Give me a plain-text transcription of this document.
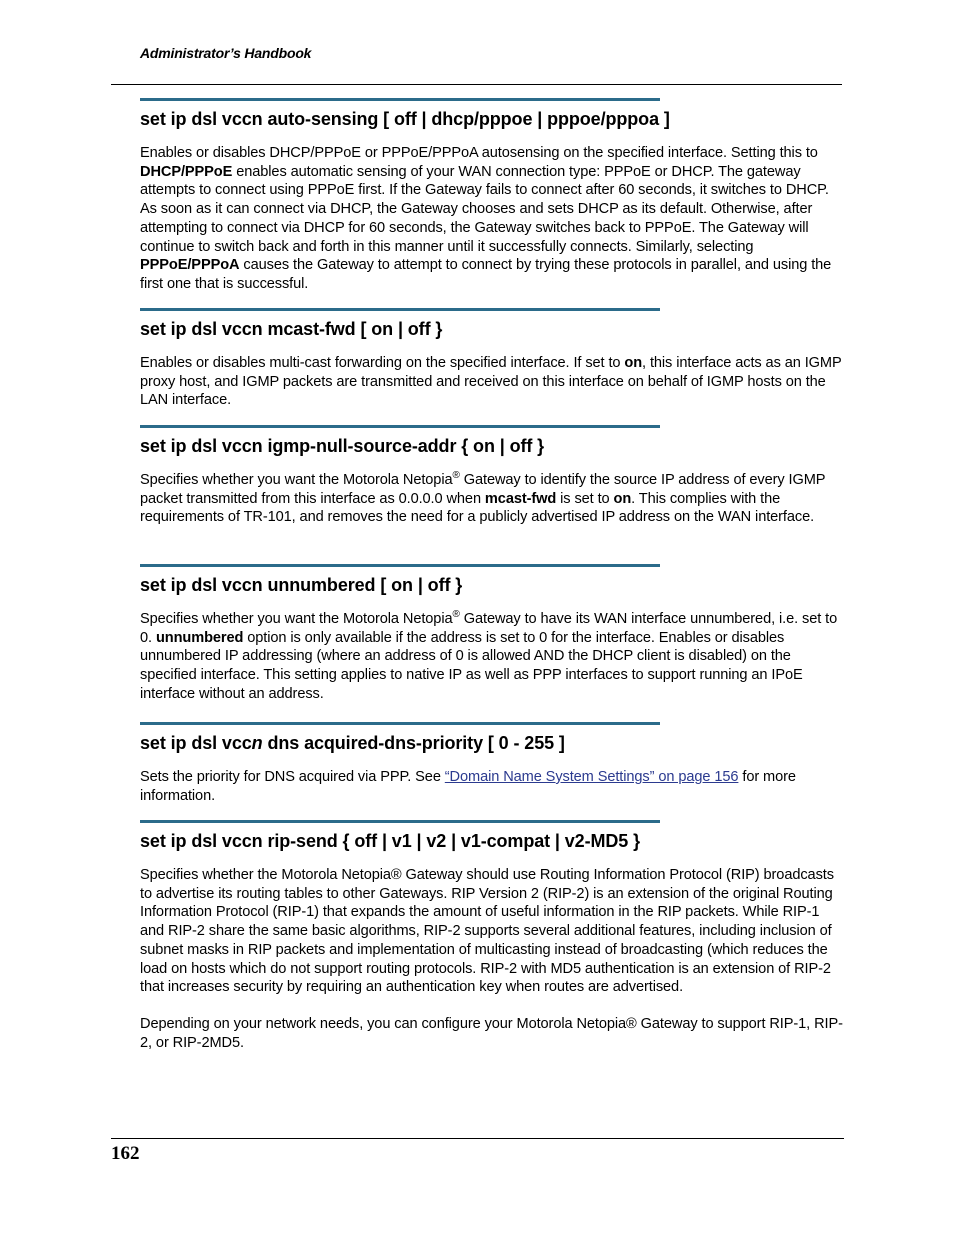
Administrator’s Handbook
set ip dsl vccn auto-sensing [ off | dhcp/pppoe | pppoe/pppoa ]

Enables or disables DHCP/PPPoE or PPPoE/PPPoA autosensing on the specified interface. Setting this to DHCP/PPPoE enables automatic sensing of your WAN connection type: PPPoE or DHCP. The gateway attempts to connect using PPPoE first. If the Gateway fails to connect after 60 seconds, it switches to DHCP. As soon as it can connect via DHCP, the Gateway chooses and sets DHCP as its default. Otherwise, after attempting to connect via DHCP for 60 seconds, the Gateway switches back to PPPoE. The Gateway will continue to switch back and forth in this manner until it successfully connects. Similarly, selecting PPPoE/PPPoA causes the Gateway to attempt to connect by trying these protocols in parallel, and using the first one that is successful.

set ip dsl vccn mcast-fwd [ on | off }

Enables or disables multi-cast forwarding on the specified interface. If set to on, this interface acts as an IGMP proxy host, and IGMP packets are transmitted and received on this interface on behalf of IGMP hosts on the LAN interface.

set ip dsl vccn igmp-null-source-addr { on | off }

Specifies whether you want the Motorola Netopia® Gateway to identify the source IP address of every IGMP packet transmitted from this interface as 0.0.0.0 when mcast-fwd is set to on. This complies with the requirements of TR-101, and removes the need for a publicly advertised IP address on the WAN interface.

set ip dsl vccn unnumbered [ on | off }

Specifies whether you want the Motorola Netopia® Gateway to have its WAN interface unnumbered, i.e. set to 0. unnumbered option is only available if the address is set to 0 for the interface. Enables or disables unnumbered IP addressing (where an address of 0 is allowed AND the DHCP client is disabled) on the specified interface. This setting applies to native IP as well as PPP interfaces to support running an IPoE interface without an address.

set ip dsl vccn dns acquired-dns-priority [ 0 - 255 ]

Sets the priority for DNS acquired via PPP. See “Domain Name System Settings” on page 156 for more information.

set ip dsl vccn rip-send { off | v1 | v2 | v1-compat | v2-MD5 }

Specifies whether the Motorola Netopia® Gateway should use Routing Information Protocol (RIP) broadcasts to advertise its routing tables to other Gateways. RIP Version 2 (RIP-2) is an extension of the original Routing Information Protocol (RIP-1) that expands the amount of useful information in the RIP packets. While RIP-1 and RIP-2 share the same basic algorithms, RIP-2 supports several additional features, including inclusion of subnet masks in RIP packets and implementation of multicasting instead of broadcasting (which reduces the load on hosts which do not support routing protocols. RIP-2 with MD5 authentication is an extension of RIP-2 that increases security by requiring an authentication key when routes are advertised.

Depending on your network needs, you can configure your Motorola Netopia® Gateway to support RIP-1, RIP-2, or RIP-2MD5.

162
